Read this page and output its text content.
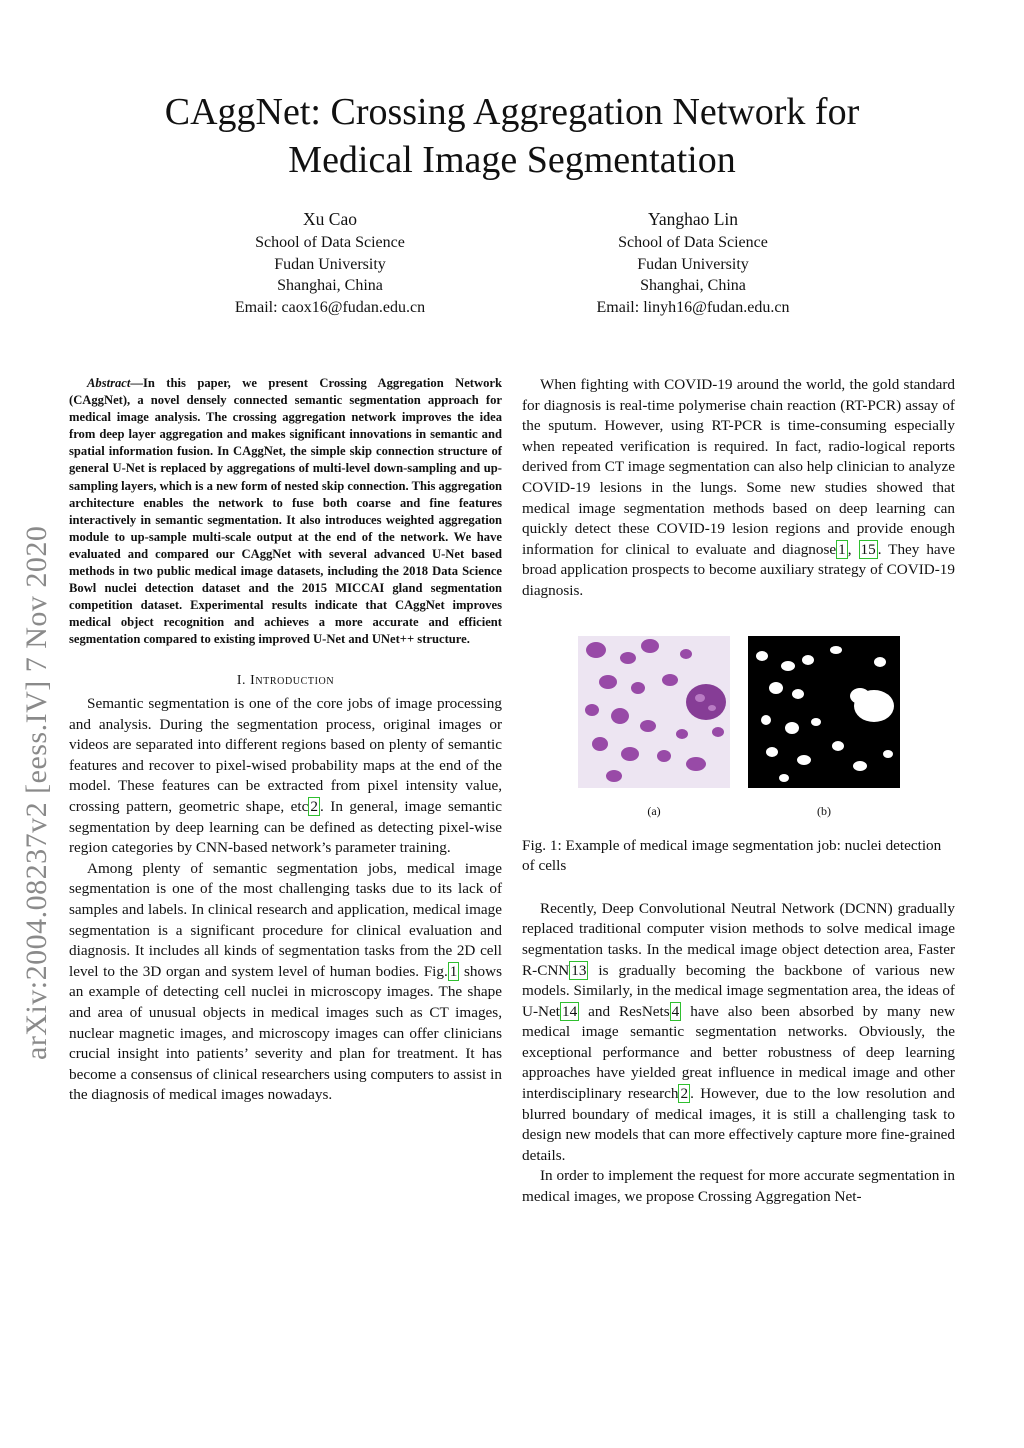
arXiv:2004.08237v2 [eess.IV] 7 Nov 2020
CAggNet: Crossing Aggregation Network for
Medical Image Segmentation
Xu Cao
School of Data Science
Fudan University
Shanghai, China
Email: caox16@fudan.edu.cn
Yanghao Lin
School of Data Science
Fudan University
Shanghai, China
Email: linyh16@fudan.edu.cn

Abstract—In this paper, we present Crossing Aggregation Network (CAggNet), a novel densely connected semantic segmentation approach for medical image analysis. The crossing aggregation network improves the idea from deep layer aggregation and makes significant innovations in semantic and spatial information fusion. In CAggNet, the simple skip connection structure of general U-Net is replaced by aggregations of multi-level down-sampling and up-sampling layers, which is a new form of nested skip connection. This aggregation architecture enables the network to fuse both coarse and fine features interactively in semantic segmentation. It also introduces weighted aggregation module to up-sample multi-scale output at the end of the network. We have evaluated and compared our CAggNet with several advanced U-Net based methods in two public medical image datasets, including the 2018 Data Science Bowl nuclei detection dataset and the 2015 MICCAI gland segmentation competition dataset. Experimental results indicate that CAggNet improves medical object recognition and achieves a more accurate and efficient segmentation compared to existing improved U-Net and UNet++ structure.

I. Introduction

Semantic segmentation is one of the core jobs of image processing and analysis. During the segmentation process, original images or videos are separated into different regions based on plenty of semantic features and recover to pixel-wised probability maps at the end of the model. These features can be extracted from pixel intensity value, crossing pattern, geometric shape, etc 2 . In general, image semantic segmentation by deep learning can be defined as detecting pixel-wise region categories by CNN-based network’s parameter training.

Among plenty of semantic segmentation jobs, medical image segmentation is one of the most challenging tasks due to its lack of samples and labels. In clinical research and application, medical image segmentation is a significant procedure for clinical evaluation and diagnosis. It includes all kinds of segmentation tasks from the 2D cell level to the 3D organ and system level of human bodies. Fig. 1 shows an example of detecting cell nuclei in microscopy images. The shape and area of unusual objects in medical images such as CT images, nuclear magnetic images, and microscopy images can offer clinicians crucial insight into patients’ severity and plan for treatment. It has become a consensus of clinical researchers using computers to assist in the diagnosis of medical images nowadays.

When fighting with COVID-19 around the world, the gold standard for diagnosis is real-time polymerise chain reaction (RT-PCR) assay of the sputum. However, using RT-PCR is time-consuming especially when repeated verification is required. In fact, radio-logical reports derived from CT image segmentation can also help clinician to analyze COVID-19 lesions in the lungs. Some new studies showed that medical image segmentation methods based on deep learning can quickly detect these COVID-19 lesion regions and provide enough information for clinical to evaluate and diagnose 1 , 15 . They have broad application prospects to become auxiliary strategy of COVID-19 diagnosis.

(a)	(b)
Fig. 1: Example of medical image segmentation job: nuclei detection of cells

Recently, Deep Convolutional Neutral Network (DCNN) gradually replaced traditional computer vision methods to solve medical image segmentation tasks. In the medical image object detection area, Faster R-CNN 13 is gradually becoming the backbone of various new models. Similarly, in the medical image segmentation area, the ideas of U-Net 14 and ResNets 4 have also been absorbed by many new medical image semantic segmentation networks. Obviously, the exceptional performance and better robustness of deep learning approaches have yielded great influence in medical image and other interdisciplinary research 2 . However, due to the low resolution and blurred boundary of medical images, it is still a challenging task to design new models that can more effectively capture more fine-grained details.

In order to implement the request for more accurate segmentation in medical images, we propose Crossing Aggregation Net-
